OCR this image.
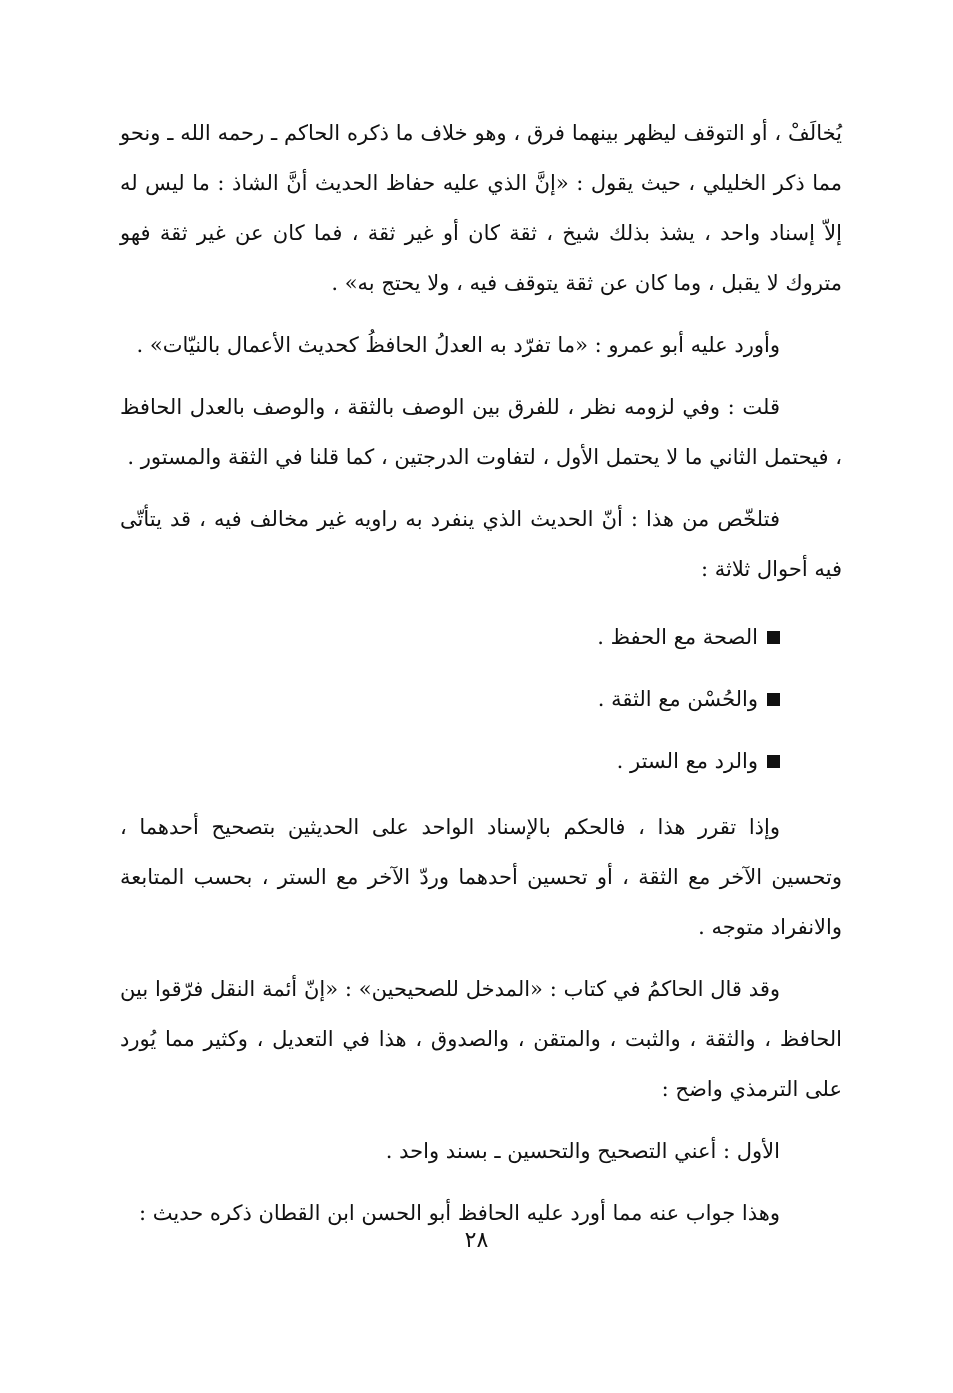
يُخالَفْ ، أو التوقف ليظهر بينهما فرق ، وهو خلاف ما ذكره الحاكم ـ رحمه الله ـ ونحو مما ذكر الخليلي ، حيث يقول : «إنَّ الذي عليه حفاظ الحديث أنَّ الشاذ : ما ليس له إلاّ إسناد واحد ، يشذ بذلك شيخ ، ثقة كان أو غير ثقة ، فما كان عن غير ثقة فهو متروك لا يقبل ، وما كان عن ثقة يتوقف فيه ، ولا يحتج به» .

وأورد عليه أبو عمرو : «ما تفرّد به العدلُ الحافظُ كحديث الأعمال بالنيّات» .

قلت : وفي لزومه نظر ، للفرق بين الوصف بالثقة ، والوصف بالعدل الحافظ ، فيحتمل الثاني ما لا يحتمل الأول ، لتفاوت الدرجتين ، كما قلنا في الثقة والمستور .

فتلخّص من هذا : أنّ الحديث الذي ينفرد به راويه غير مخالف فيه ، قد يتأتّى فيه أحوال ثلاثة :

الصحة مع الحفظ .
والحُسْن مع الثقة .
والرد مع الستر .

وإذا تقرر هذا ، فالحكم بالإسناد الواحد على الحديثين بتصحيح أحدهما ، وتحسين الآخر مع الثقة ، أو تحسين أحدهما وردّ الآخر مع الستر ، بحسب المتابعة والانفراد متوجه .

وقد قال الحاكمُ في كتاب : «المدخل للصحيحين» : «إنّ أئمة النقل فرّقوا بين الحافظ ، والثقة ، والثبت ، والمتقن ، والصدوق ، هذا في التعديل ، وكثير مما يُورد على الترمذي واضح :

الأول : أعني التصحيح والتحسين ـ بسند واحد .

وهذا جواب عنه مما أورد عليه الحافظ أبو الحسن ابن القطان ذكره حديث :

٢٨
